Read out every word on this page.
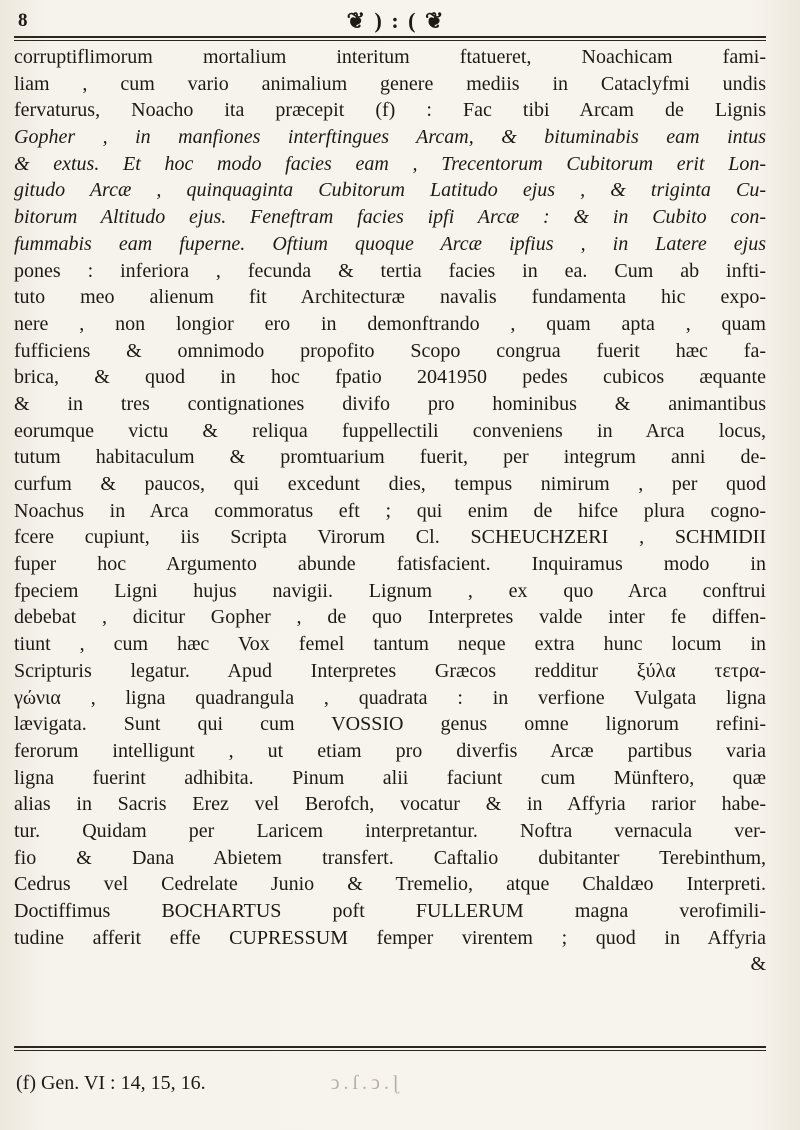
8	❦ ) : ( ❦
corruptiflimorum mortalium interitum ftatueret, Noachicam fami-
liam , cum vario animalium genere mediis in Cataclyfmi undis
fervaturus, Noacho ita præcepit (f) : Fac tibi Arcam de Lignis
Gopher , in manfiones interftingues Arcam, & bituminabis eam intus
& extus. Et hoc modo facies eam , Trecentorum Cubitorum erit Lon-
gitudo Arcæ , quinquaginta Cubitorum Latitudo ejus , & triginta Cu-
bitorum Altitudo ejus. Feneftram facies ipfi Arcæ : & in Cubito con-
fummabis eam fuperne. Oftium quoque Arcæ ipfius , in Latere ejus
pones : inferiora , fecunda & tertia facies in ea. Cum ab infti-
tuto meo alienum fit Architecturæ navalis fundamenta hic expo-
nere , non longior ero in demonftrando , quam apta , quam
fufficiens & omnimodo propofito Scopo congrua fuerit hæc fa-
brica, & quod in hoc fpatio 2041950 pedes cubicos æquante
& in tres contignationes divifo pro hominibus & animantibus
eorumque victu & reliqua fuppellectili conveniens in Arca locus,
tutum habitaculum & promtuarium fuerit, per integrum anni de-
curfum & paucos, qui excedunt dies, tempus nimirum , per quod
Noachus in Arca commoratus eft ; qui enim de hifce plura cogno-
fcere cupiunt, iis Scripta Virorum Cl. SCHEUCHZERI , SCHMIDII
fuper hoc Argumento abunde fatisfacient. Inquiramus modo in
fpeciem Ligni hujus navigii. Lignum , ex quo Arca conftrui
debebat , dicitur Gopher , de quo Interpretes valde inter fe diffen-
tiunt , cum hæc Vox femel tantum neque extra hunc locum in
Scripturis legatur. Apud Interpretes Græcos redditur ξύλα τετρα-
γώνια , ligna quadrangula , quadrata : in verfione Vulgata ligna
lævigata. Sunt qui cum VOSSIO genus omne lignorum refini-
ferorum intelligunt , ut etiam pro diverfis Arcæ partibus varia
ligna fuerint adhibita. Pinum alii faciunt cum Münftero, quæ
alias in Sacris Erez vel Berofch, vocatur & in Affyria rarior habe-
tur. Quidam per Laricem interpretantur. Noftra vernacula ver-
fio & Dana Abietem transfert. Caftalio dubitanter Terebinthum,
Cedrus vel Cedrelate Junio & Tremelio, atque Chaldæo Interpreti.
Doctiffimus BOCHARTUS poft FULLERUM magna verofimili-
tudine afferit effe CUPRESSUM femper virentem ; quod in Affyria
&
(f) Gen. VI : 14, 15, 16.	ↄ.ſ.ↄ.ɭ
